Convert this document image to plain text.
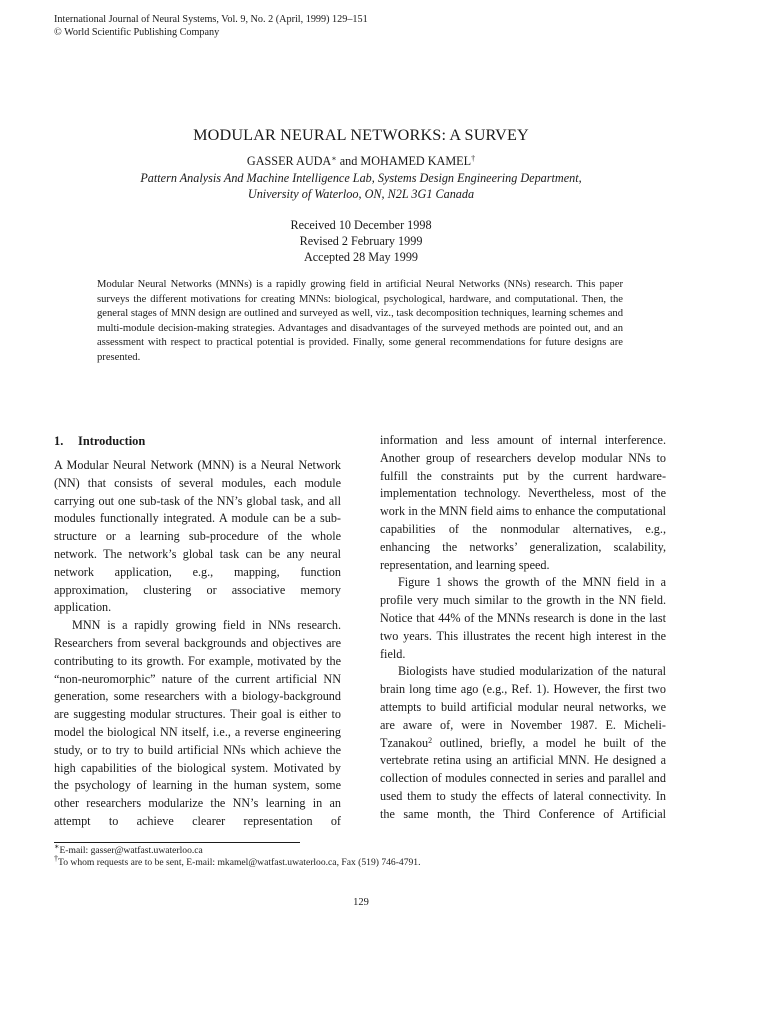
International Journal of Neural Systems, Vol. 9, No. 2 (April, 1999) 129–151
© World Scientific Publishing Company
MODULAR NEURAL NETWORKS: A SURVEY
GASSER AUDA∗ and MOHAMED KAMEL†
Pattern Analysis And Machine Intelligence Lab, Systems Design Engineering Department,
University of Waterloo, ON, N2L 3G1 Canada
Received 10 December 1998
Revised 2 February 1999
Accepted 28 May 1999

Modular Neural Networks (MNNs) is a rapidly growing field in artificial Neural Networks (NNs) research. This paper surveys the different motivations for creating MNNs: biological, psychological, hardware, and computational. Then, the general stages of MNN design are outlined and surveyed as well, viz., task decomposition techniques, learning schemes and multi-module decision-making strategies. Advantages and disadvantages of the surveyed methods are pointed out, and an assessment with respect to practical potential is provided. Finally, some general recommendations for future designs are presented.

1. Introduction

A Modular Neural Network (MNN) is a Neural Network (NN) that consists of several modules, each module carrying out one sub-task of the NN’s global task, and all modules functionally integrated. A module can be a sub-structure or a learning sub-procedure of the whole network. The network’s global task can be any neural network application, e.g., mapping, function approximation, clustering or associative memory application.

MNN is a rapidly growing field in NNs research. Researchers from several backgrounds and objectives are contributing to its growth. For example, motivated by the “non-neuromorphic” nature of the current artificial NN generation, some researchers with a biology-background are suggesting modular structures. Their goal is either to model the biological NN itself, i.e., a reverse engineering study, or to try to build artificial NNs which achieve the high capabilities of the biological system. Motivated by the psychology of learning in the human system, some other researchers modularize the NN’s learning in an attempt to achieve clearer representation of

information and less amount of internal interference. Another group of researchers develop modular NNs to fulfill the constraints put by the current hardware-implementation technology. Nevertheless, most of the work in the MNN field aims to enhance the computational capabilities of the nonmodular alternatives, e.g., enhancing the networks’ generalization, scalability, representation, and learning speed.

Figure 1 shows the growth of the MNN field in a profile very much similar to the growth in the NN field. Notice that 44% of the MNNs research is done in the last two years. This illustrates the recent high interest in the field.

Biologists have studied modularization of the natural brain long time ago (e.g., Ref. 1). However, the first two attempts to build artificial modular neural networks, we are aware of, were in November 1987. E. Micheli-Tzanakou$^2$ outlined, briefly, a model he built of the vertebrate retina using an artificial MNN. He designed a collection of modules connected in series and parallel and used them to study the effects of lateral connectivity. In the same month, the Third Conference of Artificial

∗E-mail: gasser@watfast.uwaterloo.ca
†To whom requests are to be sent, E-mail: mkamel@watfast.uwaterloo.ca, Fax (519) 746-4791.
129
